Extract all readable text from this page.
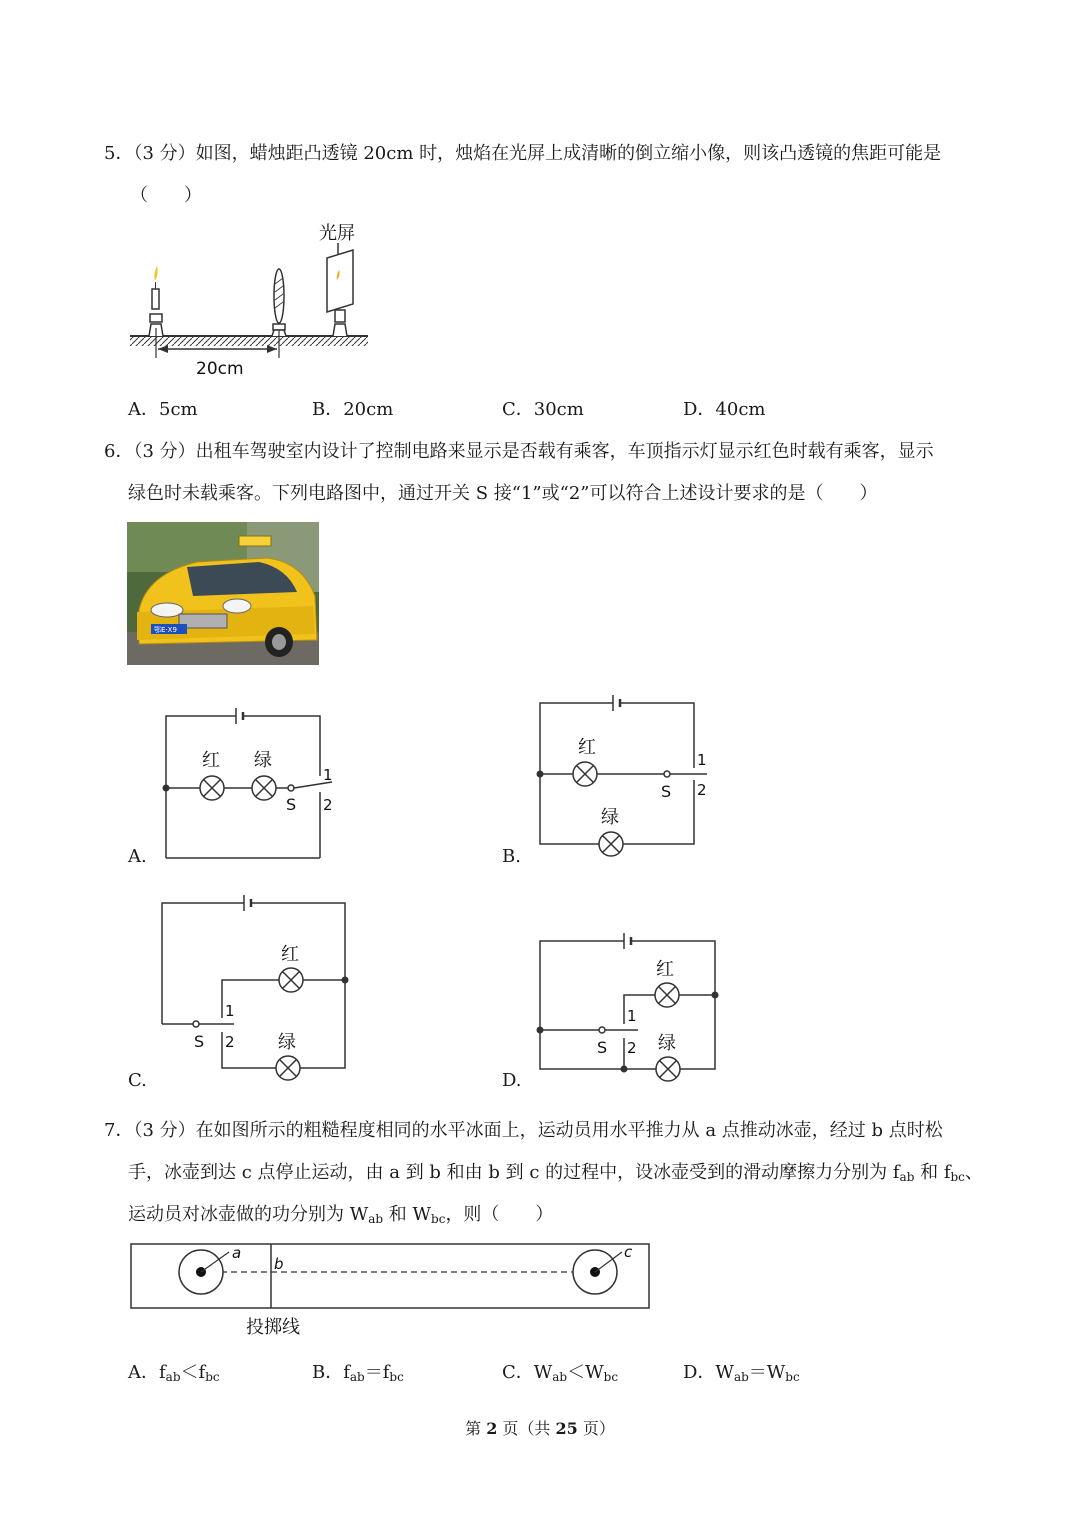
5．（3 分）如图，蜡烛距凸透镜 20cm 时，烛焰在光屏上成清晰的倒立缩小像，则该凸透镜的焦距可能是
（　　）
光屏
20cm
A．5cm	B．20cm	C．30cm	D．40cm
6．（3 分）出租车驾驶室内设计了控制电路来显示是否载有乘客，车顶指示灯显示红色时载有乘客，显示
绿色时未载乘客。下列电路图中，通过开关 S 接“1”或“2”可以符合上述设计要求的是（　　）
鄂E·X9
A.
红 绿
S
1
2
B.
红
绿
S
1
2
C.
红
绿
S
1
2
D.
红
绿
S
1
2
7．（3 分）在如图所示的粗糙程度相同的水平冰面上，运动员用水平推力从 a 点推动冰壶，经过 b 点时松
手，冰壶到达 c 点停止运动，由 a 到 b 和由 b 到 c 的过程中，设冰壶受到的滑动摩擦力分别为 $f_{ab}$ 和 $f_{bc}$、
运动员对冰壶做的功分别为 $W_{ab}$ 和 $W_{bc}$，则（　　）
a
b
c
投掷线
A．$f_{ab}<f_{bc}$	B．$f_{ab}=f_{bc}$	C．$W_{ab}<W_{bc}$	D．$W_{ab}=W_{bc}$
第 2 页（共 25 页）
